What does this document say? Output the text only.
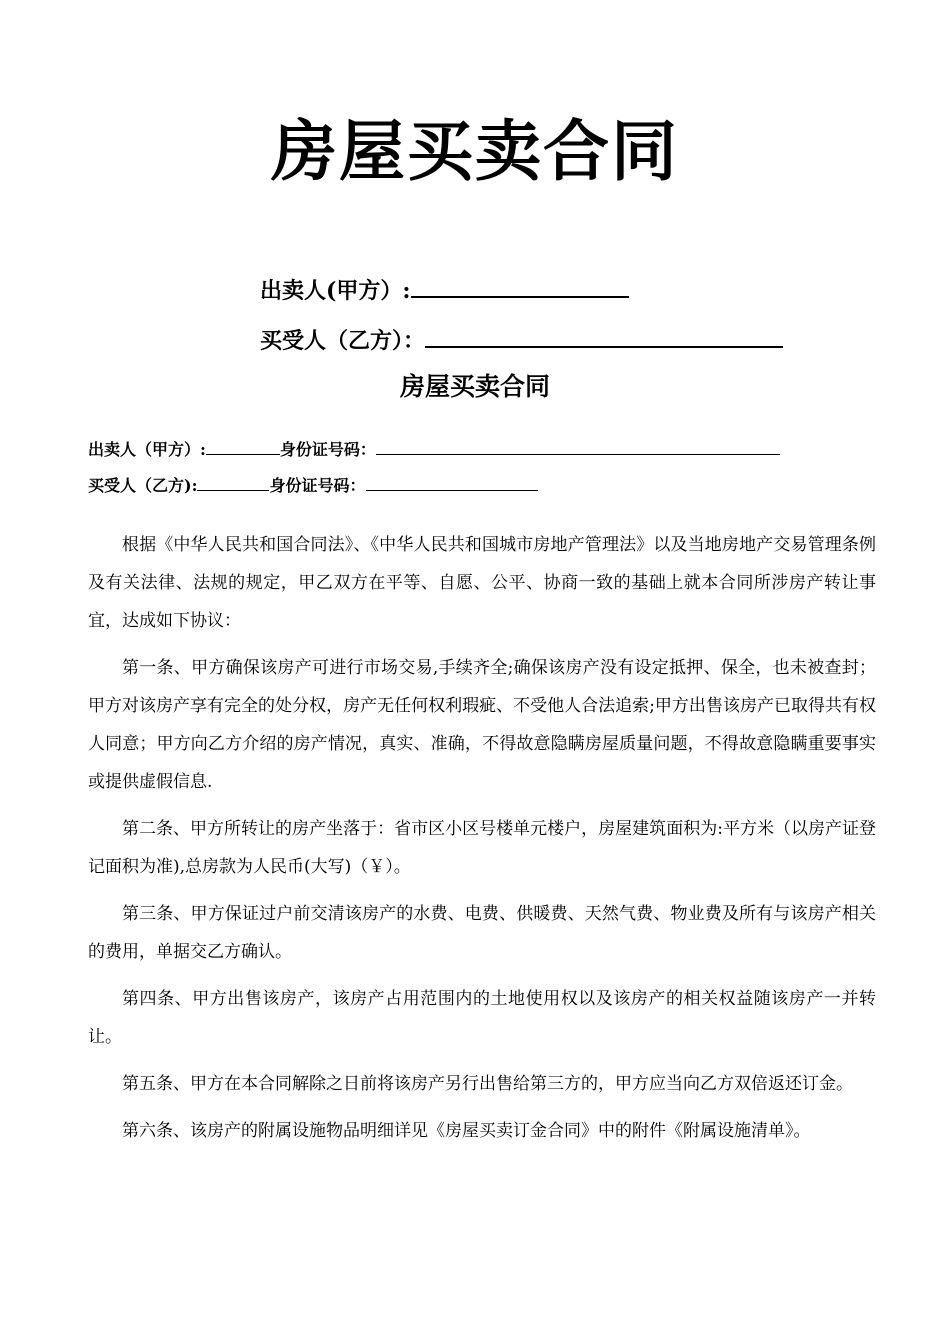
房屋买卖合同
出卖人(甲方）:
买受人（乙方）：
房屋买卖合同
出卖人（甲方）:	身份证号码：
买受人（乙方):	身份证号码：

根据《中华人民共和国合同法》、《中华人民共和国城市房地产管理法》以及当地房地产交易管理条例及有关法律、法规的规定，甲乙双方在平等、自愿、公平、协商一致的基础上就本合同所涉房产转让事宜，达成如下协议：

第一条、甲方确保该房产可进行市场交易,手续齐全;确保该房产没有设定抵押、保全，也未被查封；甲方对该房产享有完全的处分权，房产无任何权利瑕疵、不受他人合法追索;甲方出售该房产已取得共有权人同意；甲方向乙方介绍的房产情况，真实、准确，不得故意隐瞒房屋质量问题，不得故意隐瞒重要事实或提供虚假信息.

第二条、甲方所转让的房产坐落于：省市区小区号楼单元楼户，房屋建筑面积为:平方米（以房产证登记面积为准),总房款为人民币(大写)（￥）。

第三条、甲方保证过户前交清该房产的水费、电费、供暖费、天然气费、物业费及所有与该房产相关的费用，单据交乙方确认。

第四条、甲方出售该房产，该房产占用范围内的土地使用权以及该房产的相关权益随该房产一并转让。

第五条、甲方在本合同解除之日前将该房产另行出售给第三方的，甲方应当向乙方双倍返还订金。

第六条、该房产的附属设施物品明细详见《房屋买卖订金合同》中的附件《附属设施清单》。
